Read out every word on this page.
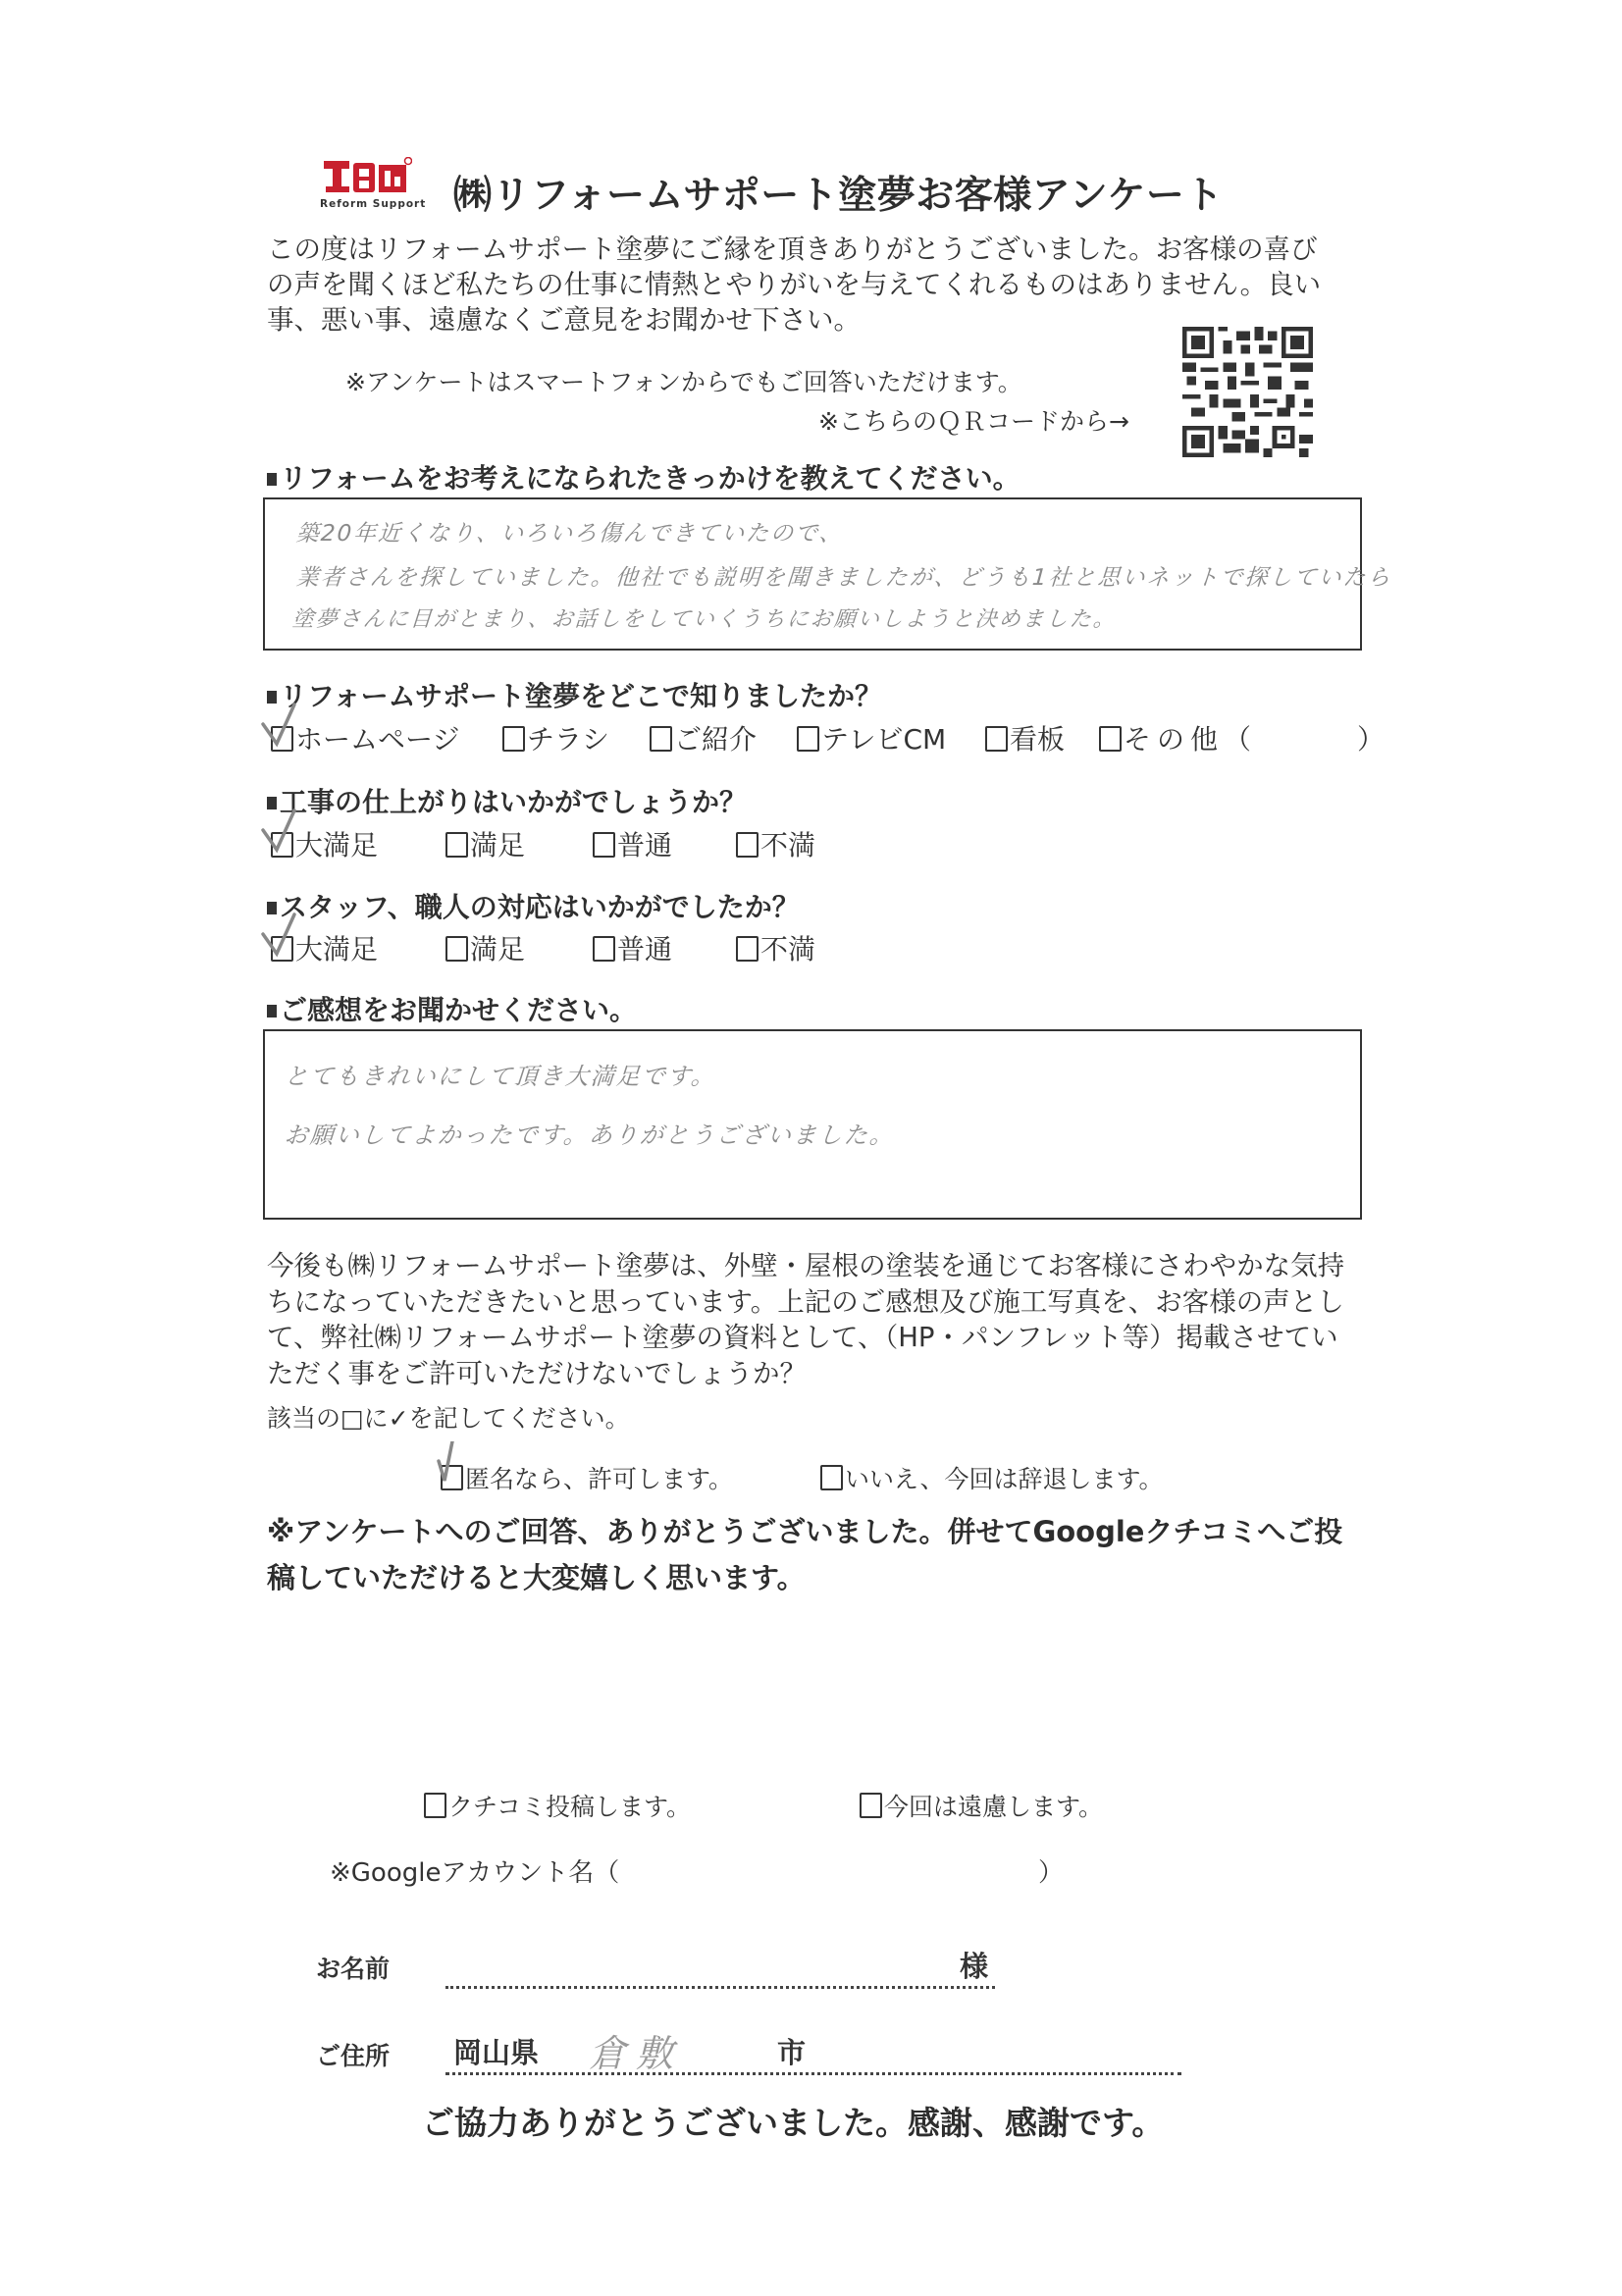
Reform Support ㈱リフォームサポート塗夢お客様アンケート
この度はリフォームサポート塗夢にご縁を頂きありがとうございました。お客様の喜びの声を聞くほど私たちの仕事に情熱とやりがいを与えてくれるものはありません。良い事、悪い事、遠慮なくご意見をお聞かせ下さい。
※アンケートはスマートフォンからでもご回答いただけます。
※こちらのＱＲコードから→
リフォームをお考えになられたきっかけを教えてください。
築20年近くなり、いろいろ傷んできていたので、
業者さんを探していました。他社でも説明を聞きましたが、どうも1社と思いネットで探していたら
塗夢さんに目がとまり、お話しをしていくうちにお願いしようと決めました。
リフォームサポート塗夢をどこで知りましたか？
ホームページ	チラシ	ご紹介	テレビCM	看板	その他（　　　）
工事の仕上がりはいかがでしょうか？
大満足	満足	普通	不満
スタッフ、職人の対応はいかがでしたか？
大満足	満足	普通	不満
ご感想をお聞かせください。
とてもきれいにして頂き大満足です。
お願いしてよかったです。ありがとうございました。
今後も㈱リフォームサポート塗夢は、外壁・屋根の塗装を通じてお客様にさわやかな気持ちになっていただきたいと思っています。上記のご感想及び施工写真を、お客様の声として、弊社㈱リフォームサポート塗夢の資料として、（HP・パンフレット等）掲載させていただく事をご許可いただけないでしょうか？
該当の□に✓を記してください。
匿名なら、許可します。	いいえ、今回は辞退します。
※アンケートへのご回答、ありがとうございました。併せてGoogleクチコミへご投稿していただけると大変嬉しく思います。
クチコミ投稿します。	今回は遠慮します。
※Googleアカウント名（	）
お名前	様
ご住所 岡山県 倉敷	市
ご協力ありがとうございました。感謝、感謝です。
